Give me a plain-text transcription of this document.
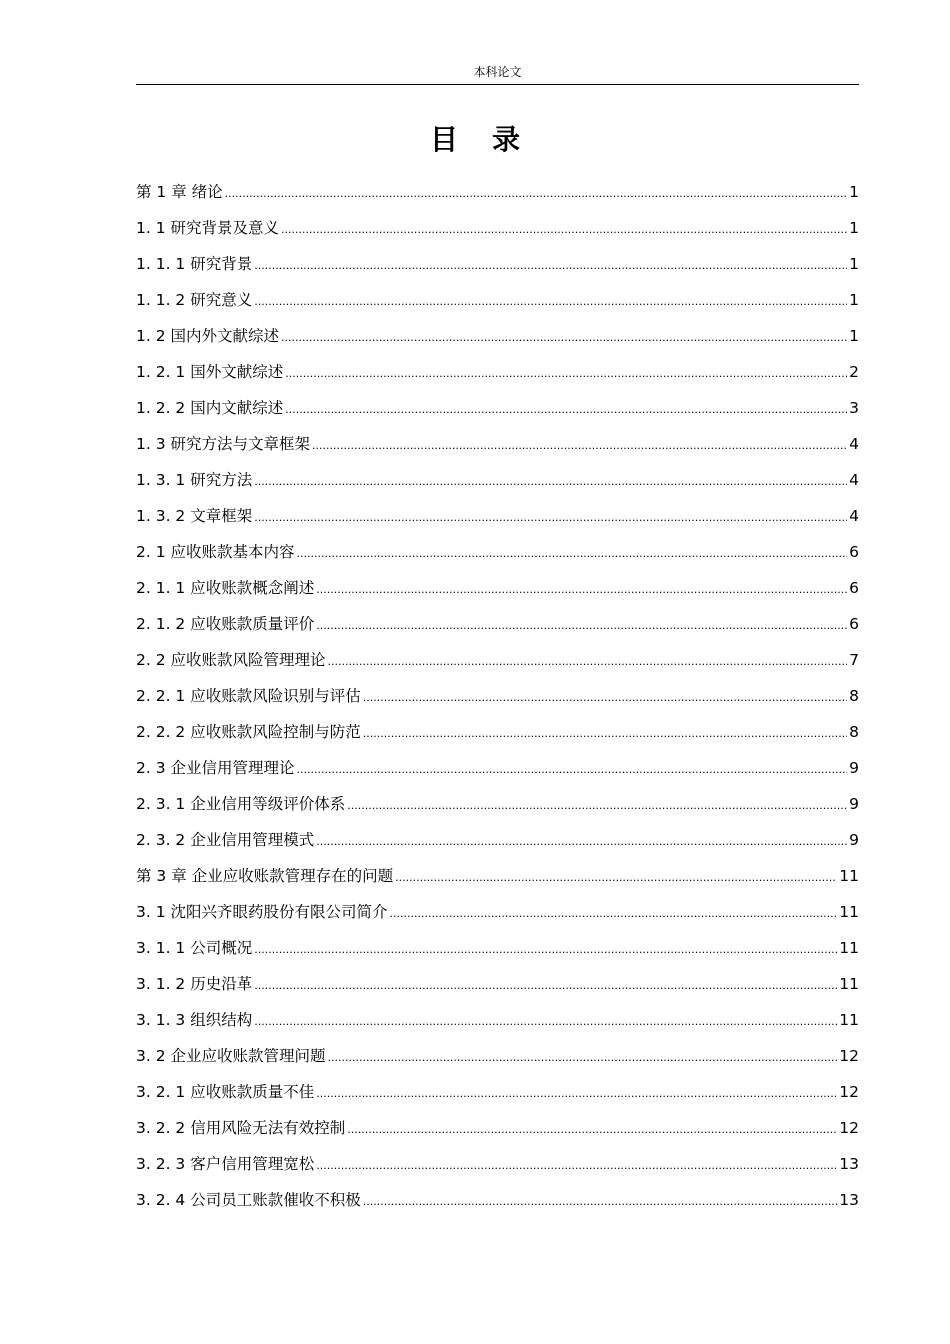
本科论文
目录
第 1 章 绪论 .....	1
1. 1 研究背景及意义 .....	1
1. 1. 1 研究背景 .....	1
1. 1. 2 研究意义 .....	1
1. 2 国内外文献综述 .....	1
1. 2. 1 国外文献综述 .....	2
1. 2. 2 国内文献综述 .....	3
1. 3 研究方法与文章框架 .....	4
1. 3. 1 研究方法 .....	4
1. 3. 2 文章框架 .....	4
2. 1 应收账款基本内容 .....	6
2. 1. 1 应收账款概念阐述 .....	6
2. 1. 2 应收账款质量评价 .....	6
2. 2 应收账款风险管理理论 .....	7
2. 2. 1 应收账款风险识别与评估 .....	8
2. 2. 2 应收账款风险控制与防范 .....	8
2. 3 企业信用管理理论 .....	9
2. 3. 1 企业信用等级评价体系 .....	9
2. 3. 2 企业信用管理模式 .....	9
第 3 章 企业应收账款管理存在的问题 .....	11
3. 1 沈阳兴齐眼药股份有限公司简介 .....	11
3. 1. 1 公司概况 .....	11
3. 1. 2 历史沿革 .....	11
3. 1. 3 组织结构 .....	11
3. 2 企业应收账款管理问题 .....	12
3. 2. 1 应收账款质量不佳 .....	12
3. 2. 2 信用风险无法有效控制 .....	12
3. 2. 3 客户信用管理宽松 .....	13
3. 2. 4 公司员工账款催收不积极 .....	13
